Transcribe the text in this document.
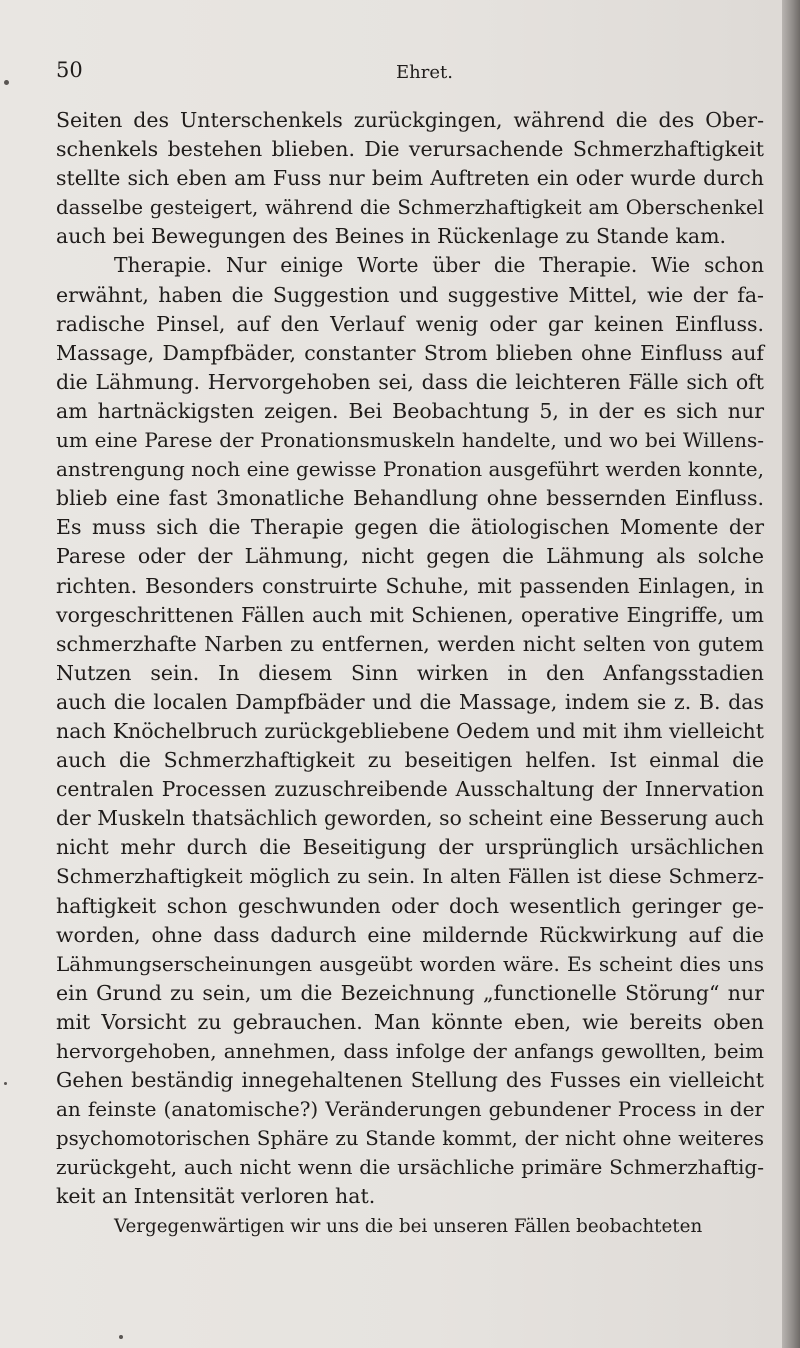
50	Ehret.
Seiten des Unterschenkels zurückgingen, während die des Ober-
schenkels bestehen blieben. Die verursachende Schmerzhaftigkeit
stellte sich eben am Fuss nur beim Auftreten ein oder wurde durch
dasselbe gesteigert, während die Schmerzhaftigkeit am Oberschenkel
auch bei Bewegungen des Beines in Rückenlage zu Stande kam.
Therapie. Nur einige Worte über die Therapie. Wie schon
erwähnt, haben die Suggestion und suggestive Mittel, wie der fa-
radische Pinsel, auf den Verlauf wenig oder gar keinen Einfluss.
Massage, Dampfbäder, constanter Strom blieben ohne Einfluss auf
die Lähmung. Hervorgehoben sei, dass die leichteren Fälle sich oft
am hartnäckigsten zeigen. Bei Beobachtung 5, in der es sich nur
um eine Parese der Pronationsmuskeln handelte, und wo bei Willens-
anstrengung noch eine gewisse Pronation ausgeführt werden konnte,
blieb eine fast 3monatliche Behandlung ohne bessernden Einfluss.
Es muss sich die Therapie gegen die ätiologischen Momente der
Parese oder der Lähmung, nicht gegen die Lähmung als solche
richten. Besonders construirte Schuhe, mit passenden Einlagen, in
vorgeschrittenen Fällen auch mit Schienen, operative Eingriffe, um
schmerzhafte Narben zu entfernen, werden nicht selten von gutem
Nutzen sein. In diesem Sinn wirken in den Anfangsstadien
auch die localen Dampfbäder und die Massage, indem sie z. B. das
nach Knöchelbruch zurückgebliebene Oedem und mit ihm vielleicht
auch die Schmerzhaftigkeit zu beseitigen helfen. Ist einmal die
centralen Processen zuzuschreibende Ausschaltung der Innervation
der Muskeln thatsächlich geworden, so scheint eine Besserung auch
nicht mehr durch die Beseitigung der ursprünglich ursächlichen
Schmerzhaftigkeit möglich zu sein. In alten Fällen ist diese Schmerz-
haftigkeit schon geschwunden oder doch wesentlich geringer ge-
worden, ohne dass dadurch eine mildernde Rückwirkung auf die
Lähmungserscheinungen ausgeübt worden wäre. Es scheint dies uns
ein Grund zu sein, um die Bezeichnung „functionelle Störung“ nur
mit Vorsicht zu gebrauchen. Man könnte eben, wie bereits oben
hervorgehoben, annehmen, dass infolge der anfangs gewollten, beim
Gehen beständig innegehaltenen Stellung des Fusses ein vielleicht
an feinste (anatomische?) Veränderungen gebundener Process in der
psychomotorischen Sphäre zu Stande kommt, der nicht ohne weiteres
zurückgeht, auch nicht wenn die ursächliche primäre Schmerzhaftig-
keit an Intensität verloren hat.
Vergegenwärtigen wir uns die bei unseren Fällen beobachteten
